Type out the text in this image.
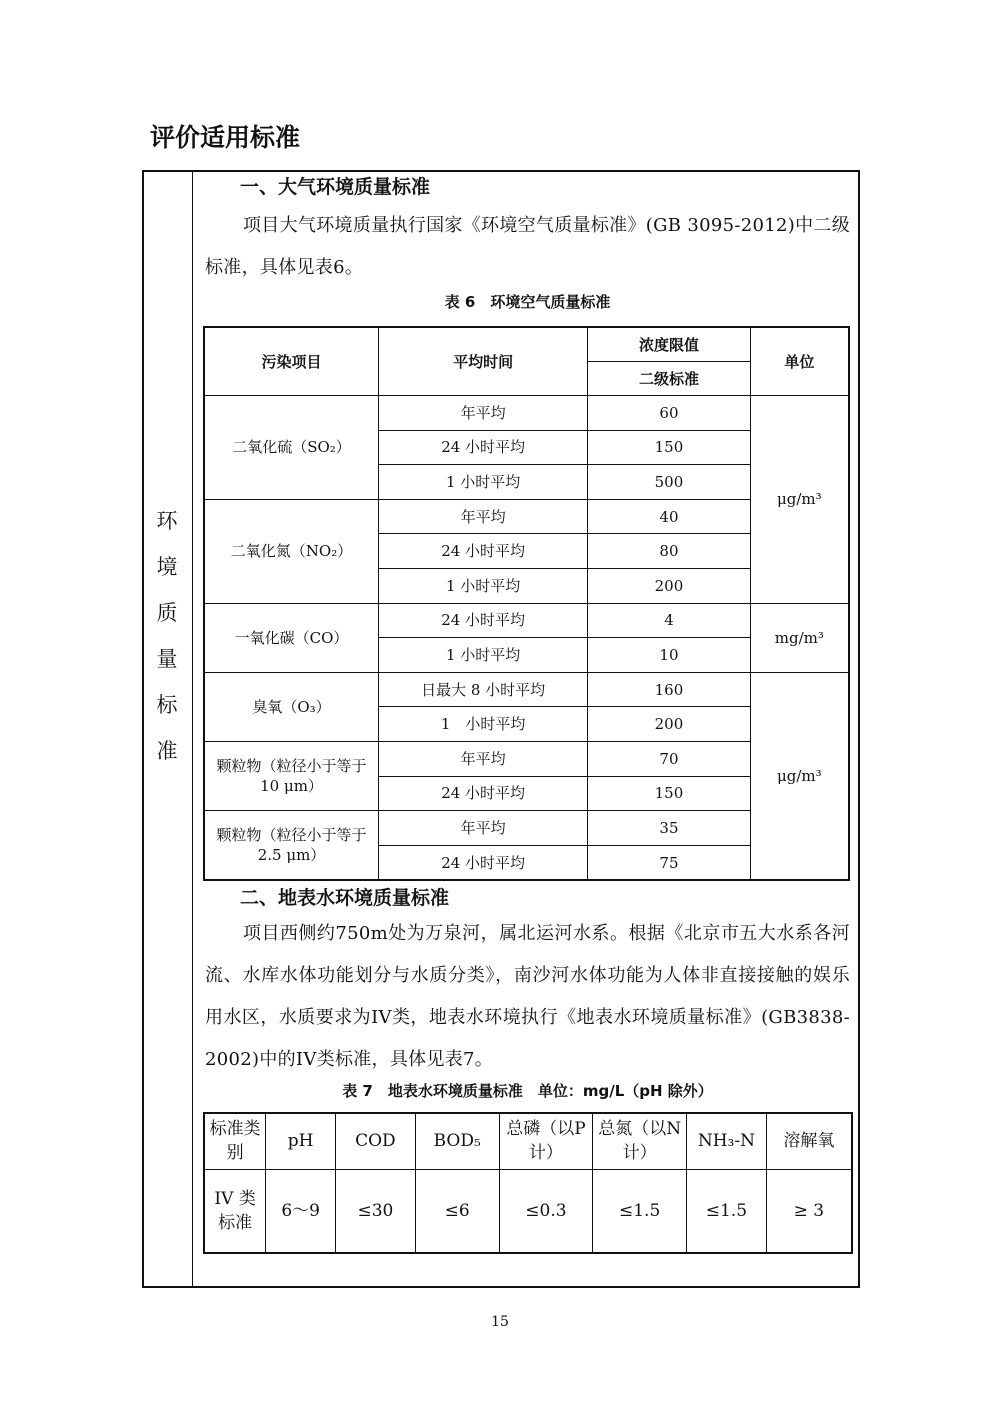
评价适用标准
环
境
质
量
标
准
一、大气环境质量标准

项目大气环境质量执行国家《环境空气质量标准》(GB 3095-2012)中二级标准，具体见表6。

表 6　环境空气质量标准

污染项目	平均时间	浓度限值	单位
		二级标准	
二氧化硫（SO₂）	年平均	60	μg/m³
	24 小时平均	150	
	1 小时平均	500	
二氧化氮（NO₂）	年平均	40	
	24 小时平均	80	
	1 小时平均	200	
一氧化碳（CO）	24 小时平均	4	mg/m³
	1 小时平均	10	
臭氧（O₃）	日最大 8 小时平均	160	μg/m³
	1　小时平均	200	
颗粒物（粒径小于等于 10 μm）	年平均	70	
	24 小时平均	150	
颗粒物（粒径小于等于 2.5 μm）	年平均	35	
	24 小时平均	75	
二、地表水环境质量标准

项目西侧约750m处为万泉河，属北运河水系。根据《北京市五大水系各河流、水库水体功能划分与水质分类》，南沙河水体功能为人体非直接接触的娱乐用水区，水质要求为IV类，地表水环境执行《地表水环境质量标准》(GB3838-2002)中的IV类标准，具体见表7。

表 7　地表水环境质量标准　单位：mg/L（pH 除外）

标准类别	pH	COD	BOD₅	总磷（以P 计）	总氮（以N 计）	NH₃-N	溶解氧
IV 类标准	6～9	≤30	≤6	≤0.3	≤1.5	≤1.5	≥ 3
15
